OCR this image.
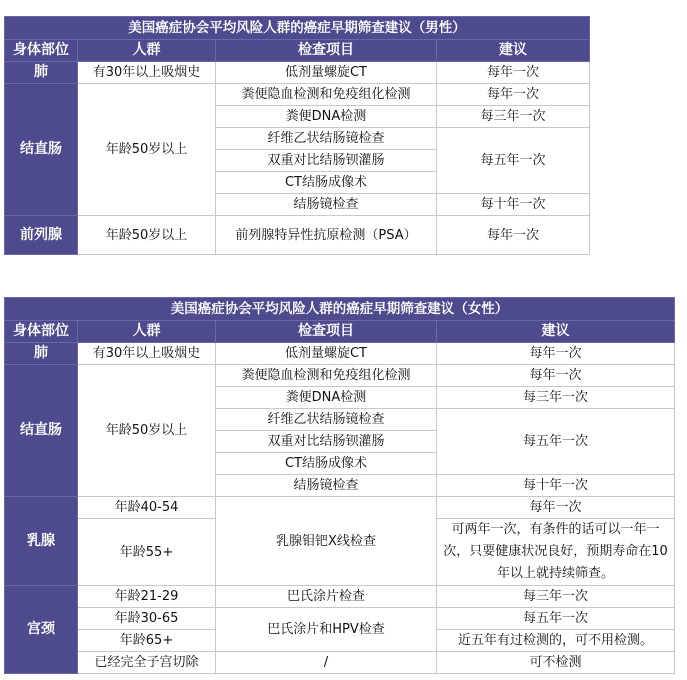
美国癌症协会平均风险人群的癌症早期筛查建议（男性）			
身体部位	人群	检查项目	建议
肺	有30年以上吸烟史	低剂量螺旋CT	每年一次
结直肠	年龄50岁以上	粪便隐血检测和免疫组化检测	每年一次
		粪便DNA检测	每三年一次
		纤维乙状结肠镜检查	每五年一次
		双重对比结肠钡灌肠	
		CT结肠成像术	
		结肠镜检查	每十年一次
前列腺	年龄50岁以上	前列腺特异性抗原检测（PSA）	每年一次
美国癌症协会平均风险人群的癌症早期筛查建议（女性）			
身体部位	人群	检查项目	建议
肺	有30年以上吸烟史	低剂量螺旋CT	每年一次
结直肠	年龄50岁以上	粪便隐血检测和免疫组化检测	每年一次
		粪便DNA检测	每三年一次
		纤维乙状结肠镜检查	每五年一次
		双重对比结肠钡灌肠	
		CT结肠成像术	
		结肠镜检查	每十年一次
乳腺	年龄40-54	乳腺钼钯X线检查	每年一次
	年龄55+		可两年一次，有条件的话可以一年一次，只要健康状况良好，预期寿命在10年以上就持续筛查。
宫颈	年龄21-29	巴氏涂片检查	每三年一次
	年龄30-65	巴氏涂片和HPV检查	每五年一次
	年龄65+		近五年有过检测的，可不用检测。
	已经完全子宫切除	/	可不检测
